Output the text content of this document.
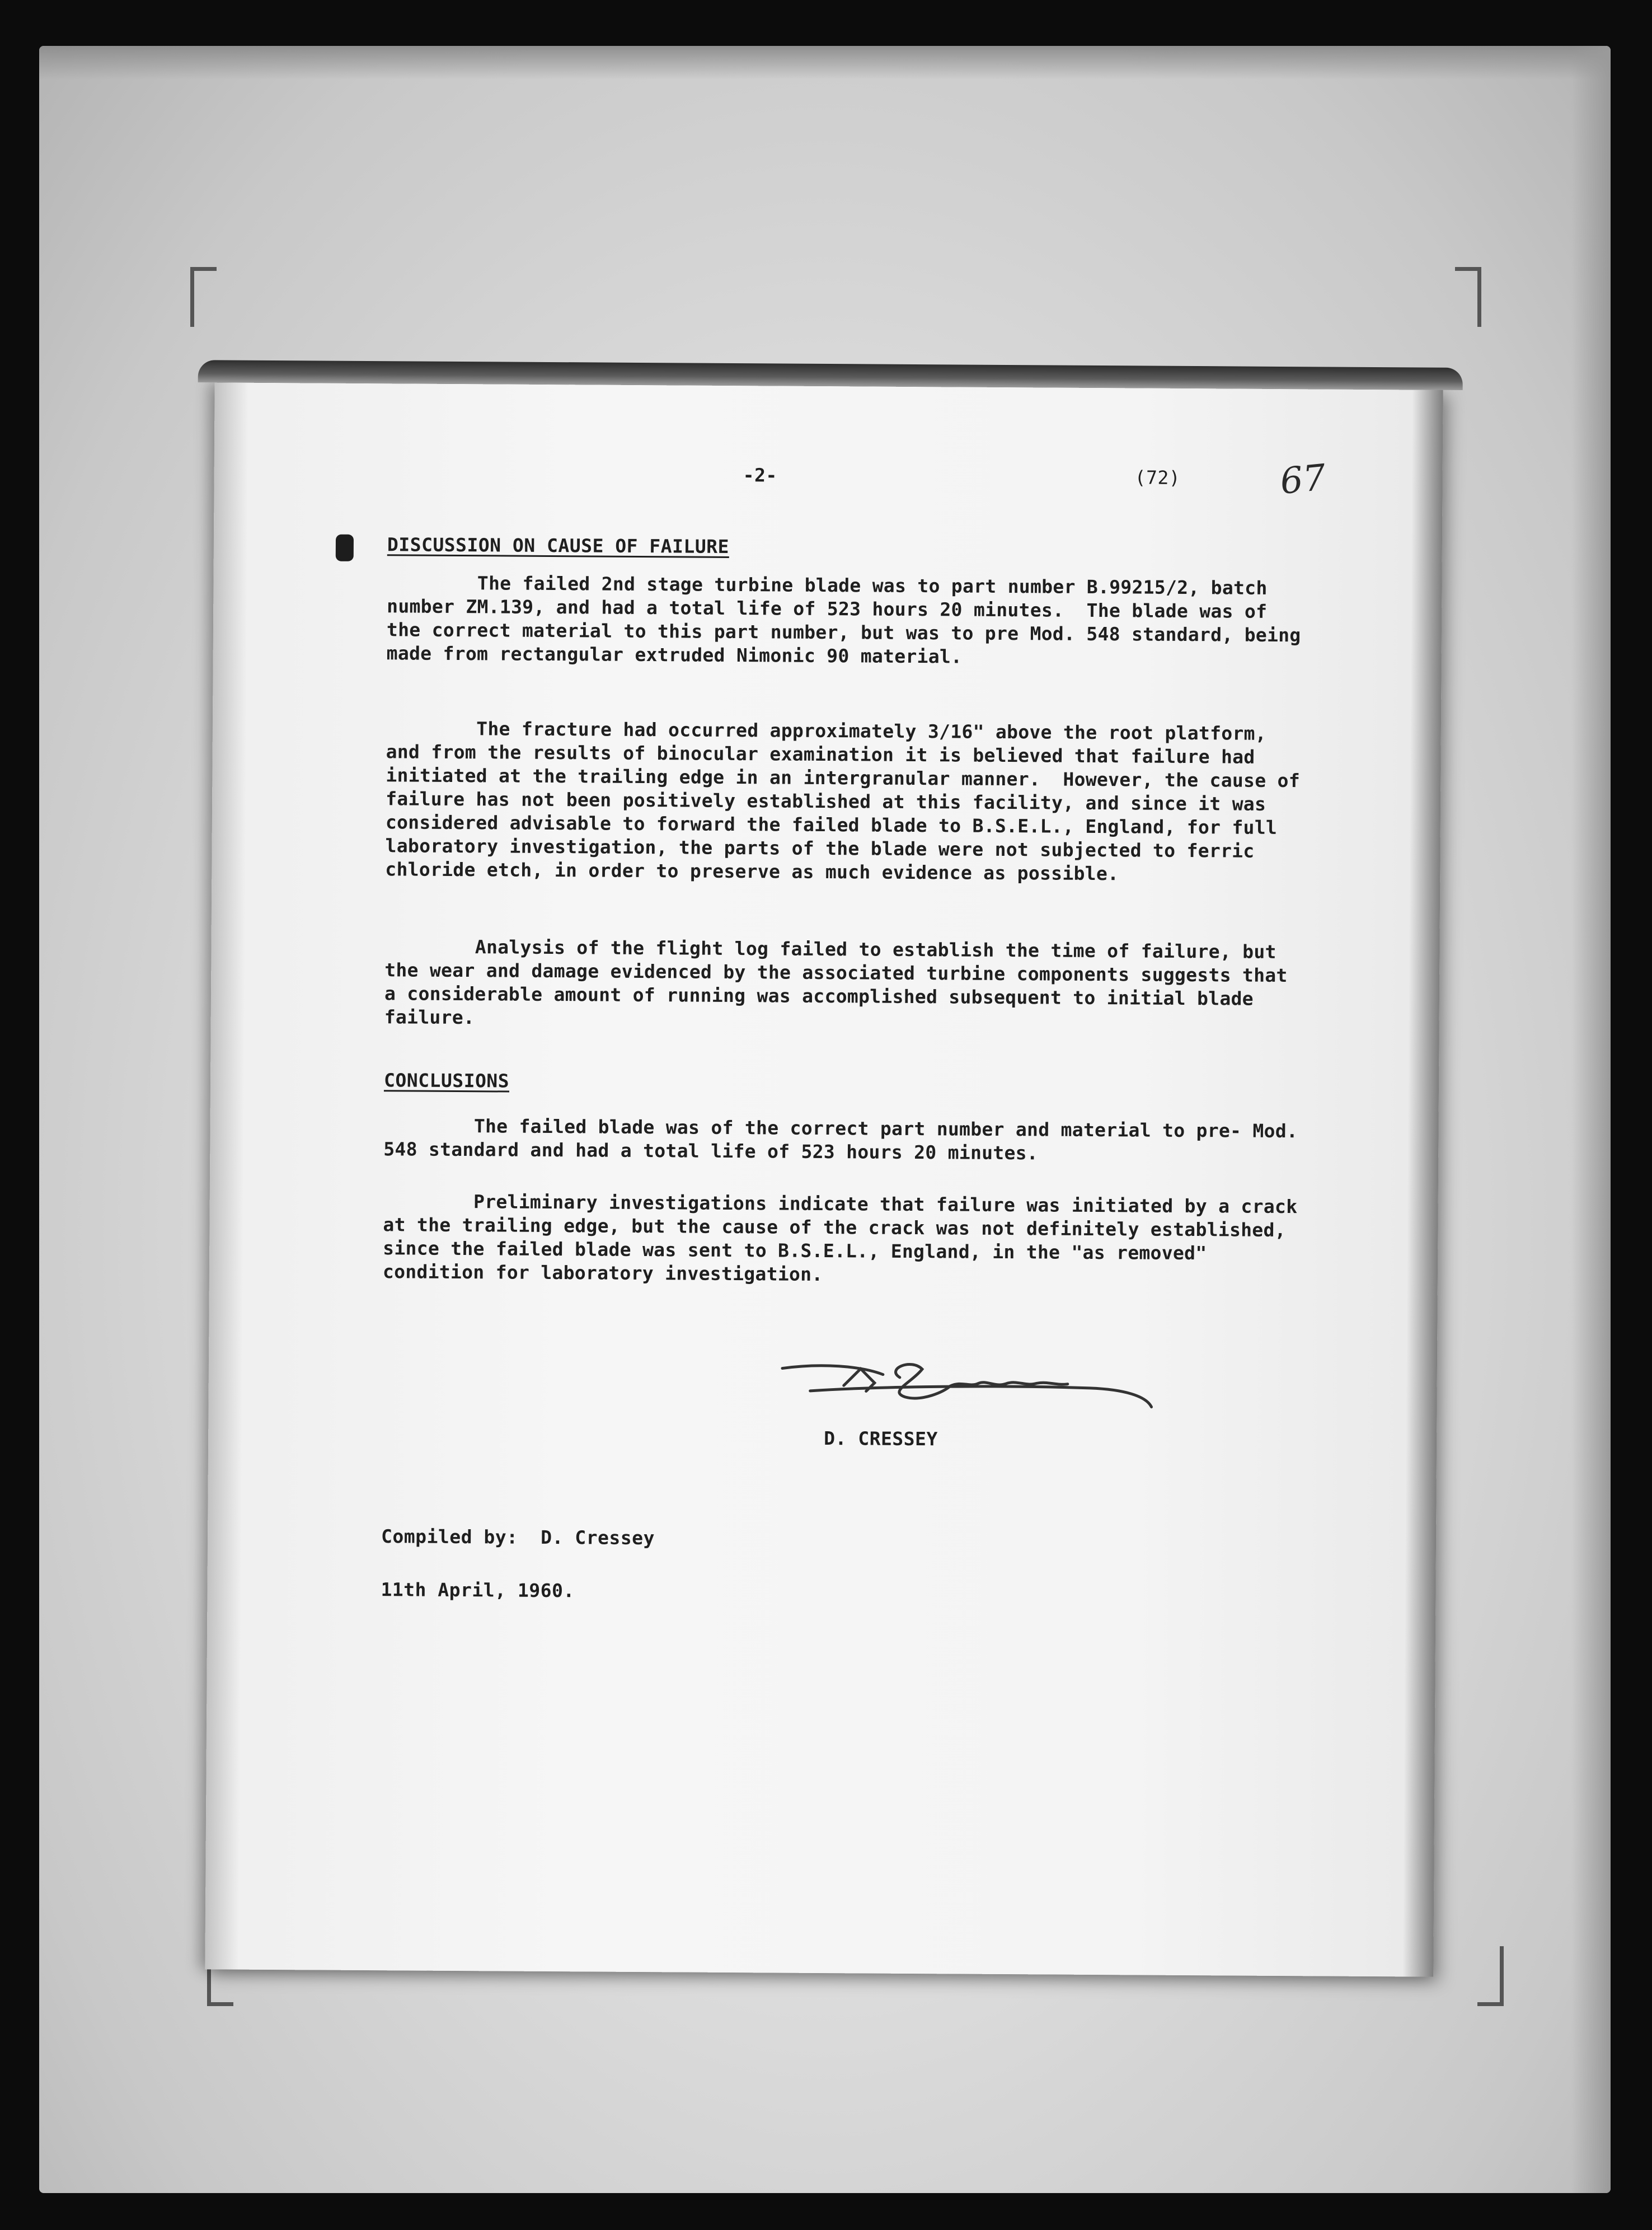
-2-	(72)	67
DISCUSSION ON CAUSE OF FAILURE

The failed 2nd stage turbine blade was to part number B.99215/2, batch number ZM.139, and had a total life of 523 hours 20 minutes.  The blade was of the correct material to this part number, but was to pre Mod. 548 standard, being made from rectangular extruded Nimonic 90 material.

The fracture had occurred approximately 3/16" above the root platform, and from the results of binocular examination it is believed that failure had initiated at the trailing edge in an intergranular manner.  However, the cause of failure has not been positively established at this facility, and since it was considered advisable to forward the failed blade to B.S.E.L., England, for full laboratory investigation, the parts of the blade were not subjected to ferric chloride etch, in order to preserve as much evidence as possible.

Analysis of the flight log failed to establish the time of failure, but the wear and damage evidenced by the associated turbine components suggests that a considerable amount of running was accomplished subsequent to initial blade failure.

CONCLUSIONS

The failed blade was of the correct part number and material to pre- Mod. 548 standard and had a total life of 523 hours 20 minutes.

Preliminary investigations indicate that failure was initiated by a crack at the trailing edge, but the cause of the crack was not definitely established, since the failed blade was sent to B.S.E.L., England, in the "as removed" condition for laboratory investigation.

D. CRESSEY
Compiled by:  D. Cressey
11th April, 1960.
